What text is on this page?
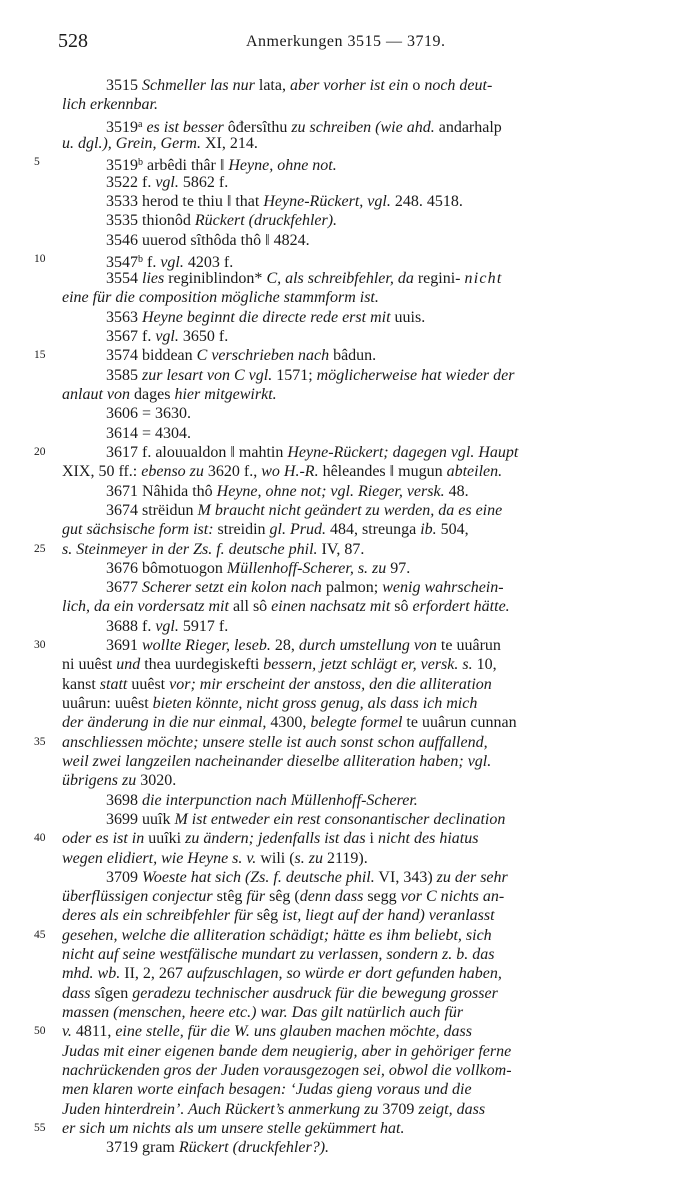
528	Anmerkungen 3515 — 3719.
3515 Schmeller las nur lata, aber vorher ist ein o noch deut-
lich erkennbar.
3519$^a$ es ist besser ôđersîthu zu schreiben (wie ahd. andarhalp
u. dgl.), Grein, Germ. XI, 214.
5	3519$^b$ arbêdi thâr ‖ Heyne, ohne not.
3522 f. vgl. 5862 f.
3533 herod te thiu ‖ that Heyne-Rückert, vgl. 248. 4518.
3535 thionôd Rückert (druckfehler).
3546 uuerod sîthôda thô ‖ 4824.
10	3547$^b$ f. vgl. 4203 f.
3554 lies reginiblindon* C, als schreibfehler, da regini- nicht
eine für die composition mögliche stammform ist.
3563 Heyne beginnt die directe rede erst mit uuis.
3567 f. vgl. 3650 f.
15	3574 biddean C verschrieben nach bâdun.
3585 zur lesart von C vgl. 1571; möglicherweise hat wieder der
anlaut von dages hier mitgewirkt.
3606 = 3630.
3614 = 4304.
20	3617 f. alouualdon ‖ mahtin Heyne-Rückert; dagegen vgl. Haupt
XIX, 50 ff.: ebenso zu 3620 f., wo H.-R. hêleandes ‖ mugun abteilen.
3671 Nâhida thô Heyne, ohne not; vgl. Rieger, versk. 48.
3674 strëidun M braucht nicht geändert zu werden, da es eine
gut sächsische form ist: streidin gl. Prud. 484, streunga ib. 504,
25	s. Steinmeyer in der Zs. f. deutsche phil. IV, 87.
3676 bômotuogon Müllenhoff-Scherer, s. zu 97.
3677 Scherer setzt ein kolon nach palmon; wenig wahrschein-
lich, da ein vordersatz mit all sô einen nachsatz mit sô erfordert hätte.
3688 f. vgl. 5917 f.
30	3691 wollte Rieger, leseb. 28, durch umstellung von te uuârun
ni uuêst und thea uurdegiskefti bessern, jetzt schlägt er, versk. s. 10,
kanst statt uuêst vor; mir erscheint der anstoss, den die alliteration
uuârun: uuêst bieten könnte, nicht gross genug, als dass ich mich
der änderung in die nur einmal, 4300, belegte formel te uuârun cunnan
35	anschliessen möchte; unsere stelle ist auch sonst schon auffallend,
weil zwei langzeilen nacheinander dieselbe alliteration haben; vgl.
übrigens zu 3020.
3698 die interpunction nach Müllenhoff-Scherer.
3699 uuîk M ist entweder ein rest consonantischer declination
40	oder es ist in uuîki zu ändern; jedenfalls ist das i nicht des hiatus
wegen elidiert, wie Heyne s. v. wili (s. zu 2119).
3709 Woeste hat sich (Zs. f. deutsche phil. VI, 343) zu der sehr
überflüssigen conjectur stêg für sêg (denn dass segg vor C nichts an-
deres als ein schreibfehler für sêg ist, liegt auf der hand) veranlasst
45	gesehen, welche die alliteration schädigt; hätte es ihm beliebt, sich
nicht auf seine westfälische mundart zu verlassen, sondern z. b. das
mhd. wb. II, 2, 267 aufzuschlagen, so würde er dort gefunden haben,
dass sîgen geradezu technischer ausdruck für die bewegung grosser
massen (menschen, heere etc.) war. Das gilt natürlich auch für
50	v. 4811, eine stelle, für die W. uns glauben machen möchte, dass
Judas mit einer eigenen bande dem neugierig, aber in gehöriger ferne
nachrückenden gros der Juden vorausgezogen sei, obwol die vollkom-
men klaren worte einfach besagen: ‘Judas gieng voraus und die
Juden hinterdrein’. Auch Rückert’s anmerkung zu 3709 zeigt, dass
55	er sich um nichts als um unsere stelle gekümmert hat.
3719 gram Rückert (druckfehler?).
